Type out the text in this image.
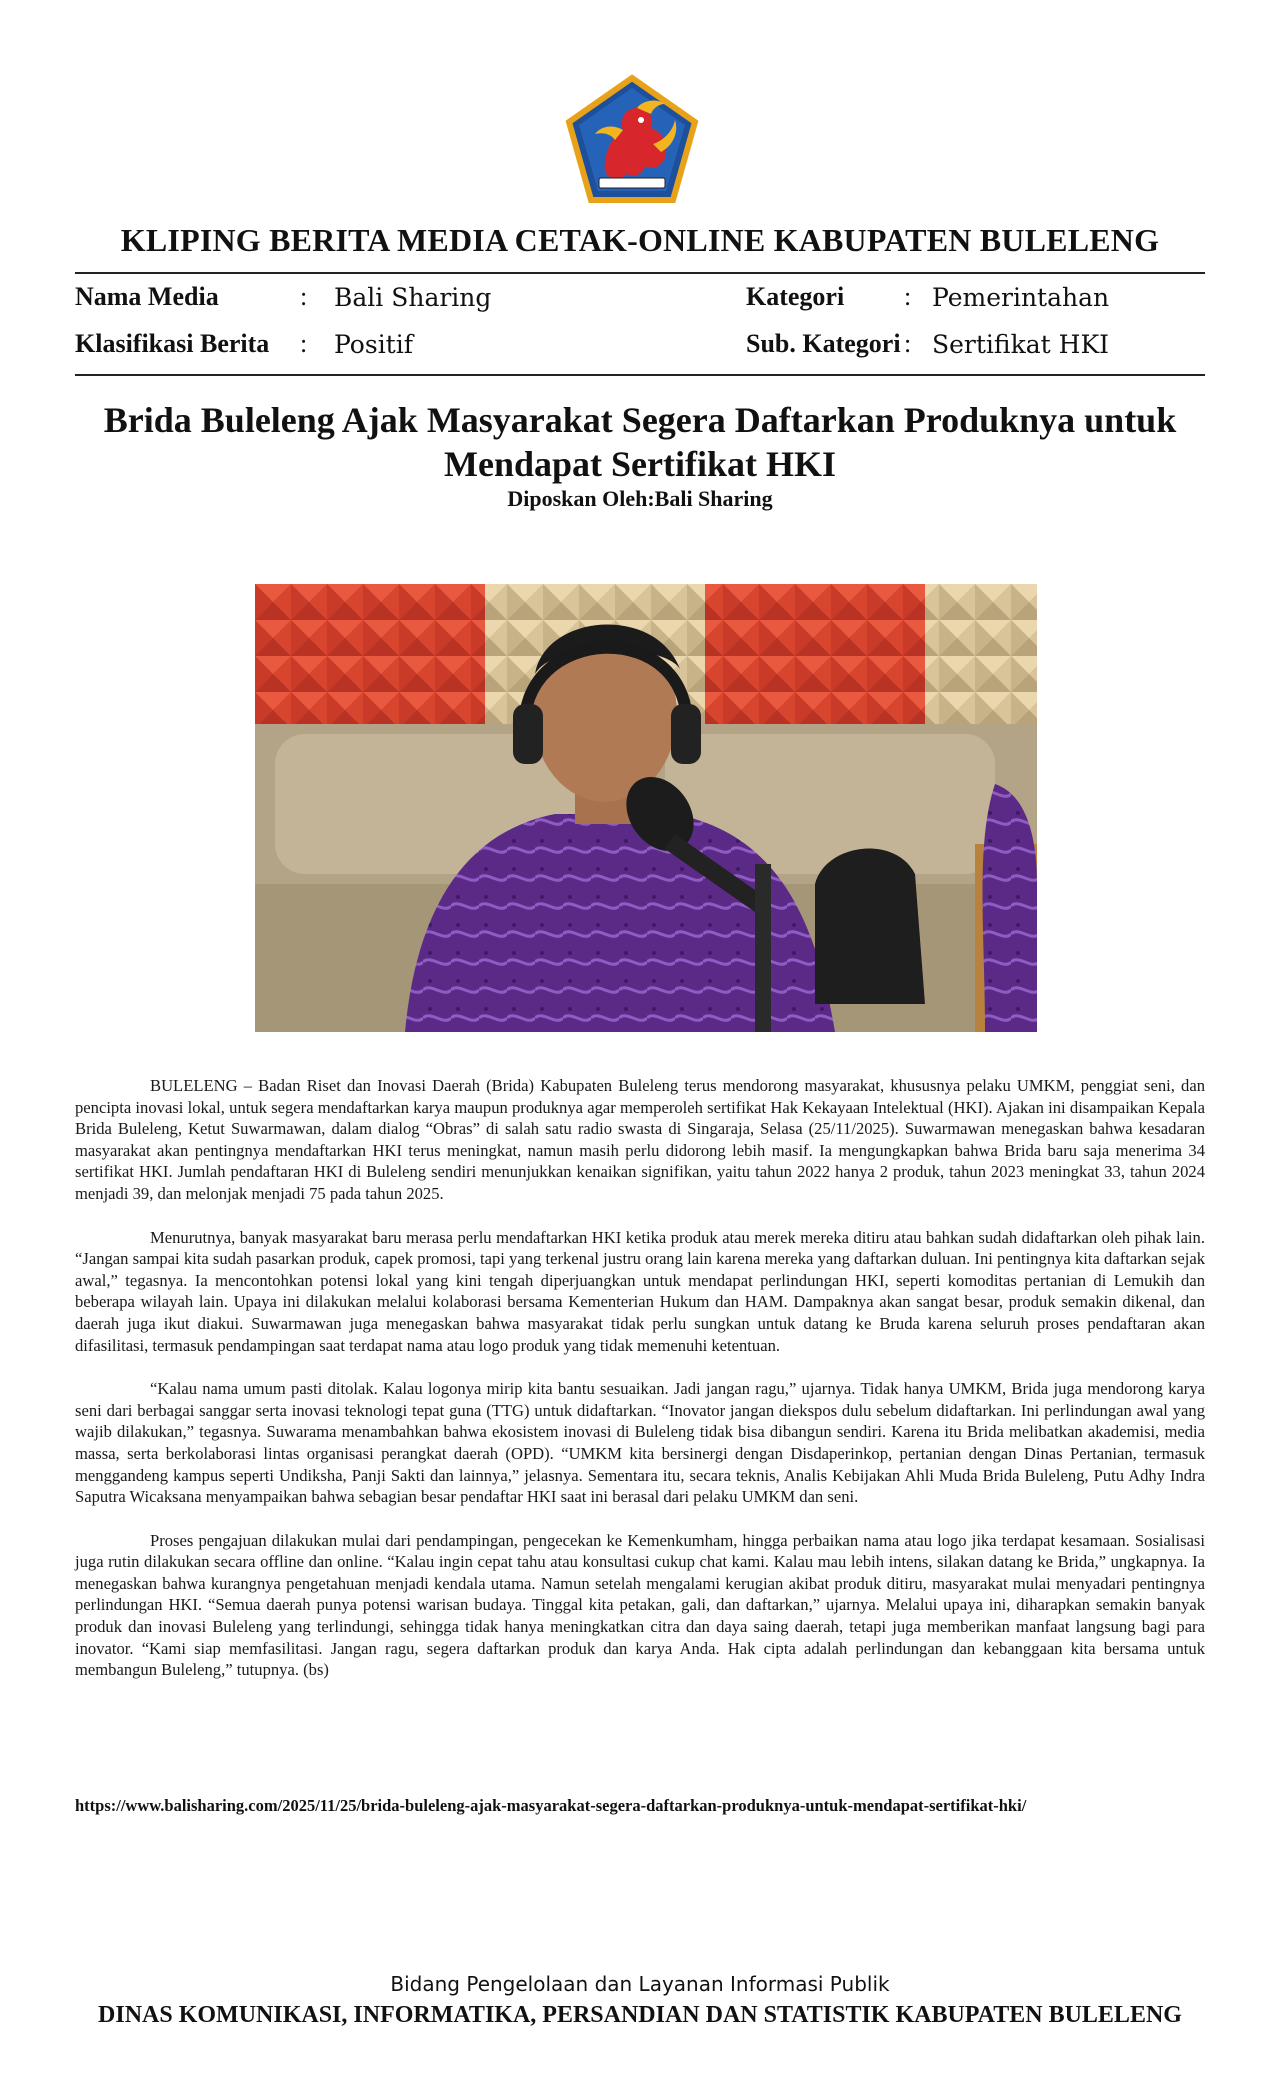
KLIPING BERITA MEDIA CETAK-ONLINE KABUPATEN BULELENG
Nama Media	: Bali Sharing
Klasifikasi Berita : Positif
Kategori : Pemerintahan
Sub. Kategori : Sertifikat HKI
Brida Buleleng Ajak Masyarakat Segera Daftarkan Produknya untuk
Mendapat Sertifikat HKI
Diposkan Oleh:Bali Sharing

BULELENG – Badan Riset dan Inovasi Daerah (Brida) Kabupaten Buleleng terus mendorong masyarakat, khususnya pelaku UMKM, penggiat seni, dan pencipta inovasi lokal, untuk segera mendaftarkan karya maupun produknya agar memperoleh sertifikat Hak Kekayaan Intelektual (HKI). Ajakan ini disampaikan Kepala Brida Buleleng, Ketut Suwarmawan, dalam dialog “Obras” di salah satu radio swasta di Singaraja, Selasa (25/11/2025). Suwarmawan menegaskan bahwa kesadaran masyarakat akan pentingnya mendaftarkan HKI terus meningkat, namun masih perlu didorong lebih masif. Ia mengungkapkan bahwa Brida baru saja menerima 34 sertifikat HKI. Jumlah pendaftaran HKI di Buleleng sendiri menunjukkan kenaikan signifikan, yaitu tahun 2022 hanya 2 produk, tahun 2023 meningkat 33, tahun 2024 menjadi 39, dan melonjak menjadi 75 pada tahun 2025.

Menurutnya, banyak masyarakat baru merasa perlu mendaftarkan HKI ketika produk atau merek mereka ditiru atau bahkan sudah didaftarkan oleh pihak lain. “Jangan sampai kita sudah pasarkan produk, capek promosi, tapi yang terkenal justru orang lain karena mereka yang daftarkan duluan. Ini pentingnya kita daftarkan sejak awal,” tegasnya. Ia mencontohkan potensi lokal yang kini tengah diperjuangkan untuk mendapat perlindungan HKI, seperti komoditas pertanian di Lemukih dan beberapa wilayah lain. Upaya ini dilakukan melalui kolaborasi bersama Kementerian Hukum dan HAM. Dampaknya akan sangat besar, produk semakin dikenal, dan daerah juga ikut diakui. Suwarmawan juga menegaskan bahwa masyarakat tidak perlu sungkan untuk datang ke Bruda karena seluruh proses pendaftaran akan difasilitasi, termasuk pendampingan saat terdapat nama atau logo produk yang tidak memenuhi ketentuan.

“Kalau nama umum pasti ditolak. Kalau logonya mirip kita bantu sesuaikan. Jadi jangan ragu,” ujarnya. Tidak hanya UMKM, Brida juga mendorong karya seni dari berbagai sanggar serta inovasi teknologi tepat guna (TTG) untuk didaftarkan. “Inovator jangan diekspos dulu sebelum didaftarkan. Ini perlindungan awal yang wajib dilakukan,” tegasnya. Suwarama menambahkan bahwa ekosistem inovasi di Buleleng tidak bisa dibangun sendiri. Karena itu Brida melibatkan akademisi, media massa, serta berkolaborasi lintas organisasi perangkat daerah (OPD). “UMKM kita bersinergi dengan Disdaperinkop, pertanian dengan Dinas Pertanian, termasuk menggandeng kampus seperti Undiksha, Panji Sakti dan lainnya,” jelasnya. Sementara itu, secara teknis, Analis Kebijakan Ahli Muda Brida Buleleng, Putu Adhy Indra Saputra Wicaksana menyampaikan bahwa sebagian besar pendaftar HKI saat ini berasal dari pelaku UMKM dan seni.

Proses pengajuan dilakukan mulai dari pendampingan, pengecekan ke Kemenkumham, hingga perbaikan nama atau logo jika terdapat kesamaan. Sosialisasi juga rutin dilakukan secara offline dan online. “Kalau ingin cepat tahu atau konsultasi cukup chat kami. Kalau mau lebih intens, silakan datang ke Brida,” ungkapnya. Ia menegaskan bahwa kurangnya pengetahuan menjadi kendala utama. Namun setelah mengalami kerugian akibat produk ditiru, masyarakat mulai menyadari pentingnya perlindungan HKI. “Semua daerah punya potensi warisan budaya. Tinggal kita petakan, gali, dan daftarkan,” ujarnya. Melalui upaya ini, diharapkan semakin banyak produk dan inovasi Buleleng yang terlindungi, sehingga tidak hanya meningkatkan citra dan daya saing daerah, tetapi juga memberikan manfaat langsung bagi para inovator. “Kami siap memfasilitasi. Jangan ragu, segera daftarkan produk dan karya Anda. Hak cipta adalah perlindungan dan kebanggaan kita bersama untuk membangun Buleleng,” tutupnya. (bs)

https://www.balisharing.com/2025/11/25/brida-buleleng-ajak-masyarakat-segera-daftarkan-produknya-untuk-mendapat-sertifikat-hki/
Bidang Pengelolaan dan Layanan Informasi Publik
DINAS KOMUNIKASI, INFORMATIKA, PERSANDIAN DAN STATISTIK KABUPATEN BULELENG
